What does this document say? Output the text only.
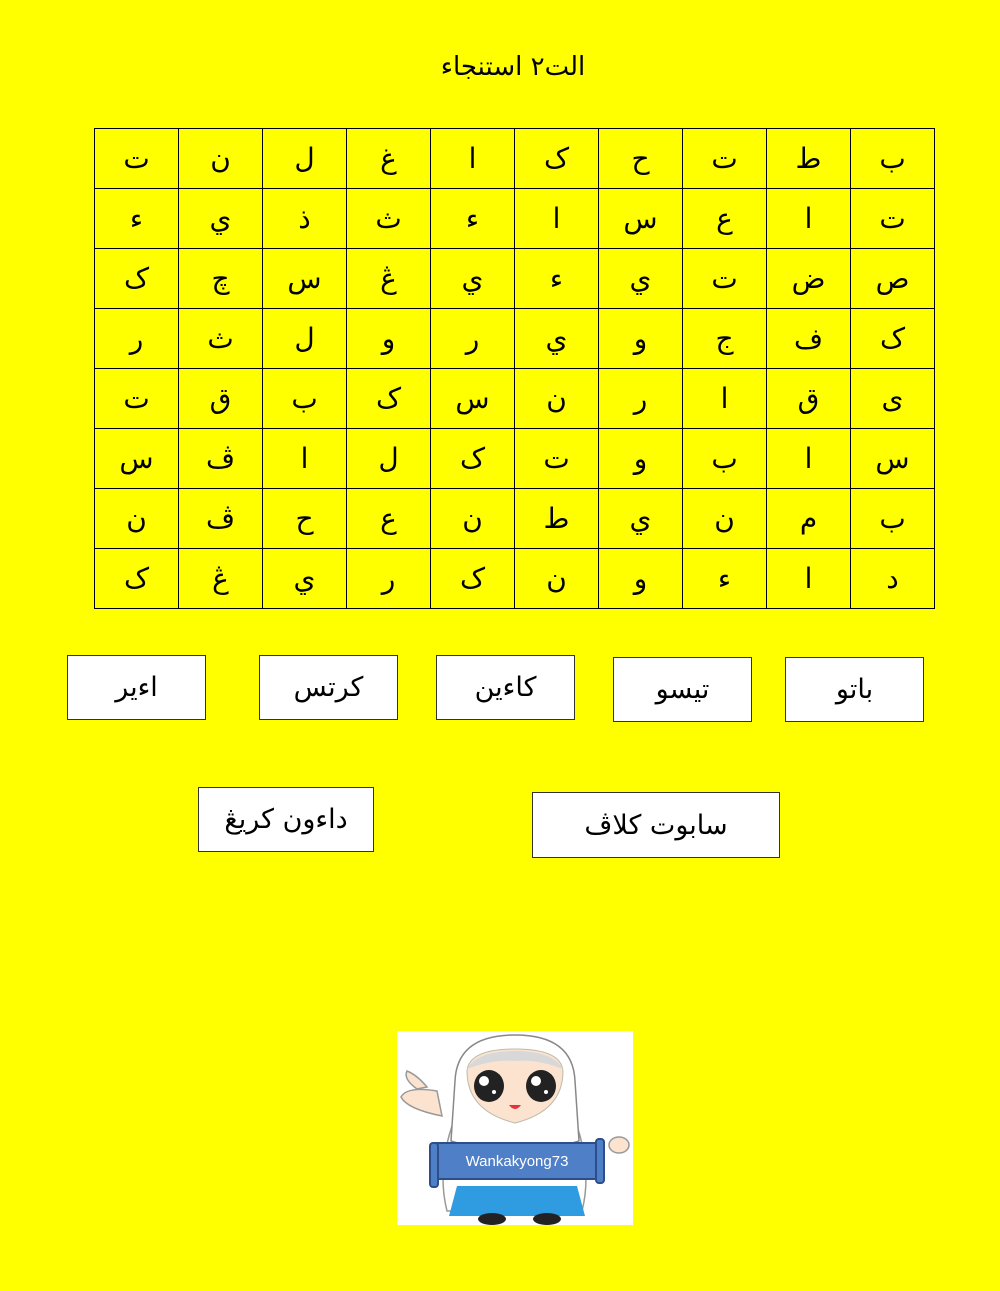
الت٢ استنجاء
ب	ط	ت	ح	ک	ا	غ	ل	ن	ت
ت	ا	ع	س	ا	ء	ث	ذ	ي	ء
ص	ض	ت	ي	ء	ي	ڠ	س	چ	ک
ک	ف	ج	و	ي	ر	و	ل	ث	ر
ى	ق	ا	ر	ن	س	ک	ب	ق	ت
س	ا	ب	و	ت	ک	ل	ا	ڤ	س
ب	م	ن	ي	ط	ن	ع	ح	ڤ	ن
د	ا	ء	و	ن	ک	ر	ي	ڠ	ک
اءير	کرتس	کاءين	تيسو	باتو
داءون کريڠ	سابوت کلاڤ
Wankakyong73
